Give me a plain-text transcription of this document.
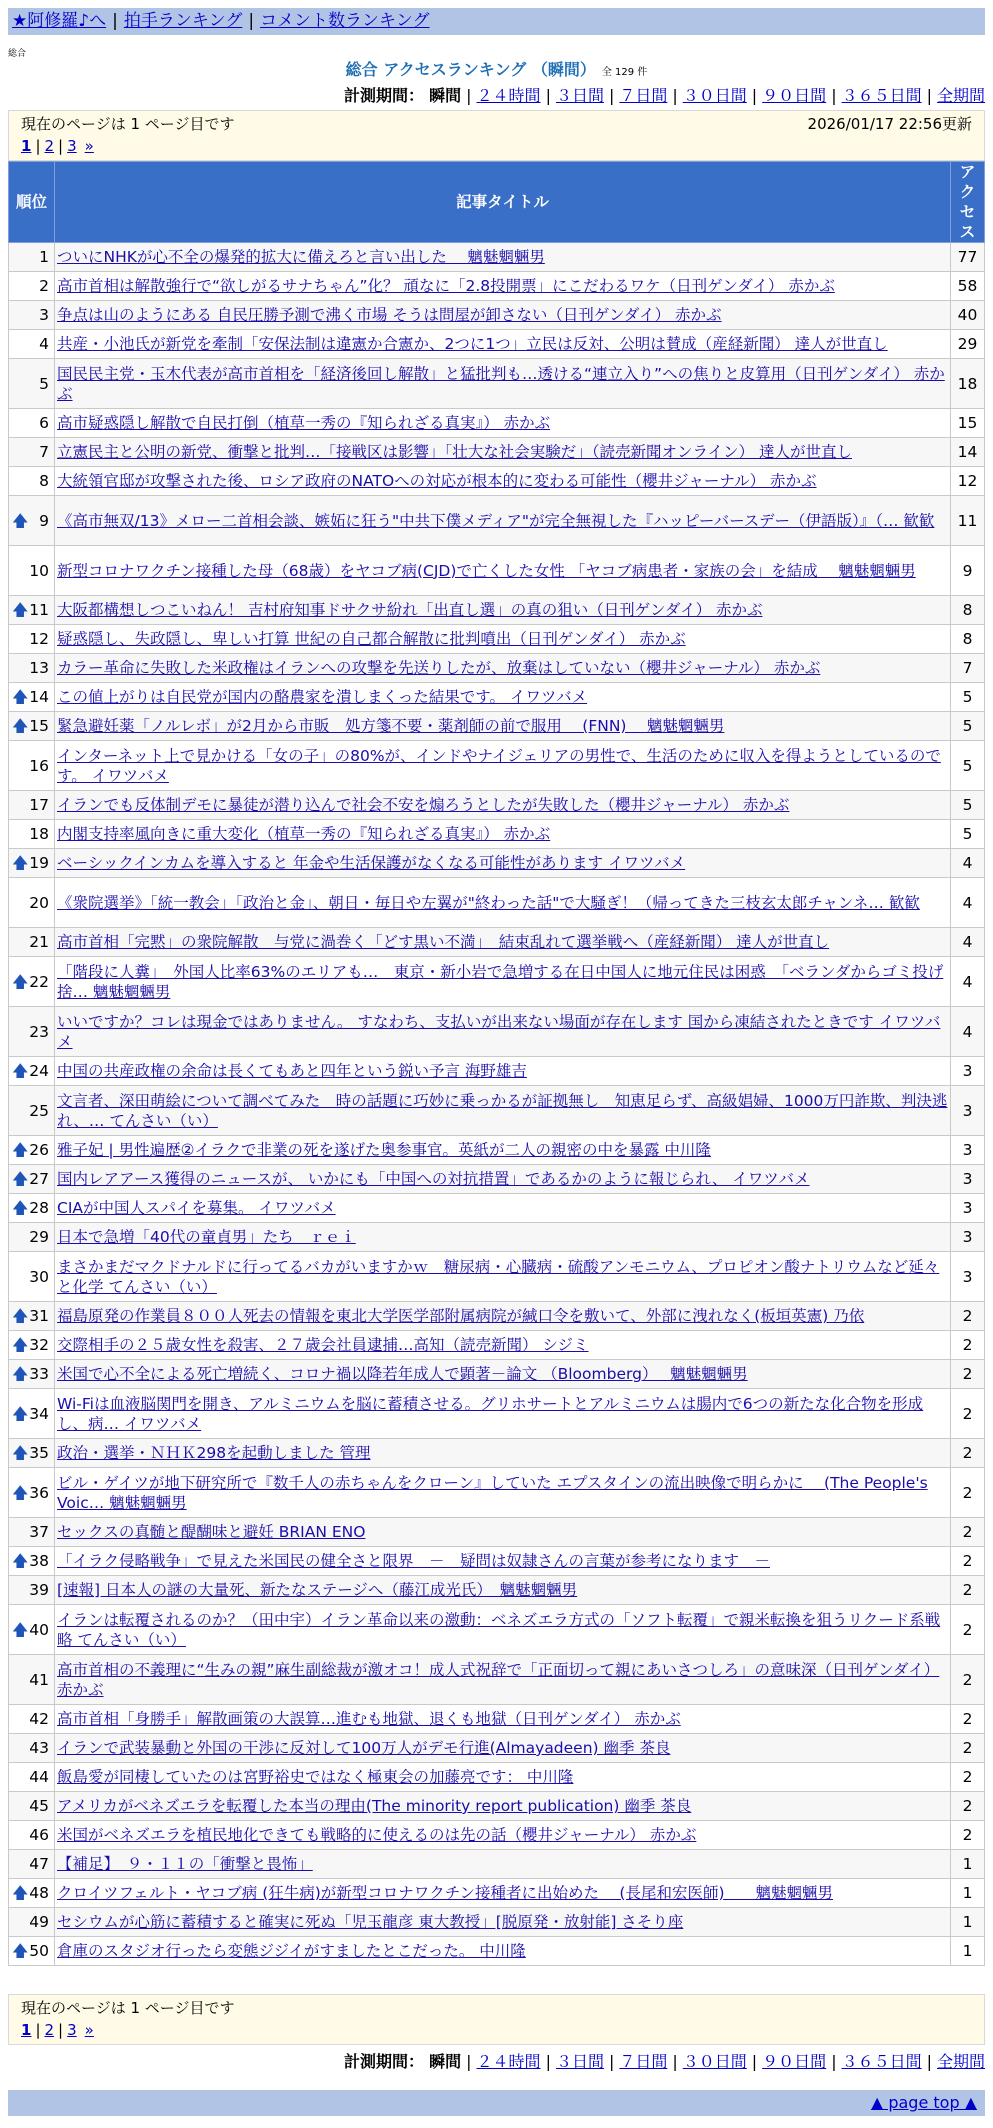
★阿修羅♪へ | 拍手ランキング | コメント数ランキング
総合
総合 アクセスランキング （瞬間） 全 129 件
計測期間： 瞬間 | ２４時間 | ３日間 | ７日間 | ３０日間 | ９０日間 | ３６５日間 | 全期間
現在のページは 1 ページ目です	2026/01/17 22:56更新
1 | 2 | 3 »
順位	記事タイトル	アクセス
1	ついにNHKが心不全の爆発的拡大に備えろと言い出した　 魑魅魍魎男	77
2	高市首相は解散強行で“欲しがるサナちゃん”化？ 頑なに「2.8投開票」にこだわるワケ（日刊ゲンダイ） 赤かぶ	58
3	争点は山のようにある 自民圧勝予測で沸く市場 そうは問屋が卸さない（日刊ゲンダイ） 赤かぶ	40
4	共産・小池氏が新党を牽制「安保法制は違憲か合憲か、2つに1つ」立民は反対、公明は賛成（産経新聞） 達人が世直し	29
5	国民民主党・玉木代表が高市首相を「経済後回し解散」と猛批判も…透ける“連立入り”への焦りと皮算用（日刊ゲンダイ） 赤かぶ	18
6	高市疑惑隠し解散で自民打倒（植草一秀の『知られざる真実』） 赤かぶ	15
7	立憲民主と公明の新党、衝撃と批判…「接戦区は影響」「壮大な社会実験だ」（読売新聞オンライン） 達人が世直し	14
8	大統領官邸が攻撃された後、ロシア政府のNATOへの対応が根本的に変わる可能性（櫻井ジャーナル） 赤かぶ	12

🡅 9	《高市無双/13》メロー二首相会談、嫉妬に狂う"中共下僕メディア"が完全無視した『ハッピーバースデー（伊語版）』（… 歓歓	11
10	新型コロナワクチン接種した母（68歳）をヤコブ病(CJD)で亡くした女性 「ヤコブ病患者・家族の会」を結成　 魑魅魍魎男	9

🡅 11	大阪都構想しつこいねん！ 吉村府知事ドサクサ紛れ「出直し選」の真の狙い（日刊ゲンダイ） 赤かぶ	8
12	疑惑隠し、失政隠し、卑しい打算 世紀の自己都合解散に批判噴出（日刊ゲンダイ） 赤かぶ	8
13	カラー革命に失敗した米政権はイランへの攻撃を先送りしたが、放棄はしていない（櫻井ジャーナル） 赤かぶ	7

🡅 14	この値上がりは自民党が国内の酪農家を潰しまくった結果です。 イワツバメ	5

🡅 15	緊急避妊薬「ノルレボ」が2月から市販　処方箋不要・薬剤師の前で服用　 (FNN)　 魑魅魍魎男	5
16	インターネット上で見かける「女の子」の80%が、インドやナイジェリアの男性で、生活のために収入を得ようとしているのです。 イワツバメ	5
17	イランでも反体制デモに暴徒が潜り込んで社会不安を煽ろうとしたが失敗した（櫻井ジャーナル） 赤かぶ	5
18	内閣支持率風向きに重大変化（植草一秀の『知られざる真実』） 赤かぶ	5

🡅 19	ベーシックインカムを導入すると 年金や生活保護がなくなる可能性があります イワツバメ	4
20	《衆院選挙》「統一教会」「政治と金」、朝日・毎日や左翼が"終わった話"で大騒ぎ！（帰ってきた三枝玄太郎チャンネ… 歓歓	4
21	高市首相「完黙」の衆院解散　与党に渦巻く「どす黒い不満」　結束乱れて選挙戦へ（産経新聞） 達人が世直し	4

🡅 22	「階段に人糞」　外国人比率63%のエリアも…　東京・新小岩で急増する在日中国人に地元住民は困惑　「ベランダからゴミ投げ捨… 魑魅魍魎男	4
23	いいですか？コレは現金ではありません。 すなわち、支払いが出来ない場面が存在します 国から凍結されたときです イワツバメ	4

🡅 24	中国の共産政権の余命は長くてもあと四年という鋭い予言 海野雄吉	3
25	文言者、深田萌絵について調べてみた　時の話題に巧妙に乗っかるが証拠無し　知恵足らず、高級娼婦、1000万円詐欺、判決逃れ、… てんさい（い）	3

🡅 26	雅子妃 | 男性遍歴②イラクで非業の死を遂げた奥参事官。英紙が二人の親密の中を暴露 中川隆	3

🡅 27	国内レアアース獲得のニュースが、 いかにも「中国への対抗措置」であるかのように報じられ、 イワツバメ	3

🡅 28	CIAが中国人スパイを募集。 イワツバメ	3
29	日本で急増「40代の童貞男」たち　ｒｅｉ	3
30	まさかまだマクドナルドに行ってるバカがいますかｗ　糖尿病・心臓病・硫酸アンモニウム、プロピオン酸ナトリウムなど延々と化学 てんさい（い）	3

🡅 31	福島原発の作業員８００人死去の情報を東北大学医学部附属病院が緘口令を敷いて、外部に洩れなく(板垣英憲) 乃依	2

🡅 32	交際相手の２５歳女性を殺害、２７歳会社員逮捕…高知（読売新聞） シジミ	2

🡅 33	米国で心不全による死亡増続く、コロナ禍以降若年成人で顕著－論文 （Bloomberg）　 魑魅魍魎男	2

🡅 34	Wi-Fiは血液脳関門を開き、アルミニウムを脳に蓄積させる。グリホサートとアルミニウムは腸内で6つの新たな化合物を形成し、病… イワツバメ	2

🡅 35	政治・選挙・ＮＨＫ298を起動しました 管理	2

🡅 36	ビル・ゲイツが地下研究所で『数千人の赤ちゃんをクローン』していた エプスタインの流出映像で明らかに　 (The People's Voic… 魑魅魍魎男	2
37	セックスの真髄と醍醐味と避妊 BRIAN ENO	2

🡅 38	「イラク侵略戦争」で見えた米国民の健全さと限界　－　疑問は奴隷さんの言葉が参考になります　－	2
39	[速報] 日本人の謎の大量死、新たなステージへ（藤江成光氏）　魑魅魍魎男	2

🡅 40	イランは転覆されるのか？（田中宇）イラン革命以来の激動：ベネズエラ方式の「ソフト転覆」で親米転換を狙うリクード系戦略 てんさい（い）	2
41	高市首相の不義理に“生みの親”麻生副総裁が激オコ！成人式祝辞で「正面切って親にあいさつしろ」の意味深（日刊ゲンダイ） 赤かぶ	2
42	高市首相「身勝手」解散画策の大誤算…進むも地獄、退くも地獄（日刊ゲンダイ） 赤かぶ	2
43	イランで武装暴動と外国の干渉に反対して100万人がデモ行進(Almayadeen) 幽季 茶良	2
44	飯島愛が同棲していたのは宮野裕史ではなく極東会の加藤亮です： 中川隆	2
45	アメリカがベネズエラを転覆した本当の理由(The minority report publication) 幽季 茶良	2
46	米国がベネズエラを植民地化できても戦略的に使えるのは先の話（櫻井ジャーナル） 赤かぶ	2
47	【補足】　９・１１の「衝撃と畏怖」	1

🡅 48	クロイツフェルト・ヤコブ病 (狂牛病)が新型コロナワクチン接種者に出始めた　 (長尾和宏医師)　　魑魅魍魎男	1
49	セシウムが心筋に蓄積すると確実に死ぬ「児玉龍彦 東大教授」[脱原発・放射能] さそり座	1

🡅 50	倉庫のスタジオ行ったら変態ジジイがすましたとこだった。 中川隆	1
現在のページは 1 ページ目です
1 | 2 | 3 »
計測期間： 瞬間 | ２４時間 | ３日間 | ７日間 | ３０日間 | ９０日間 | ３６５日間 | 全期間
▲ page top ▲
